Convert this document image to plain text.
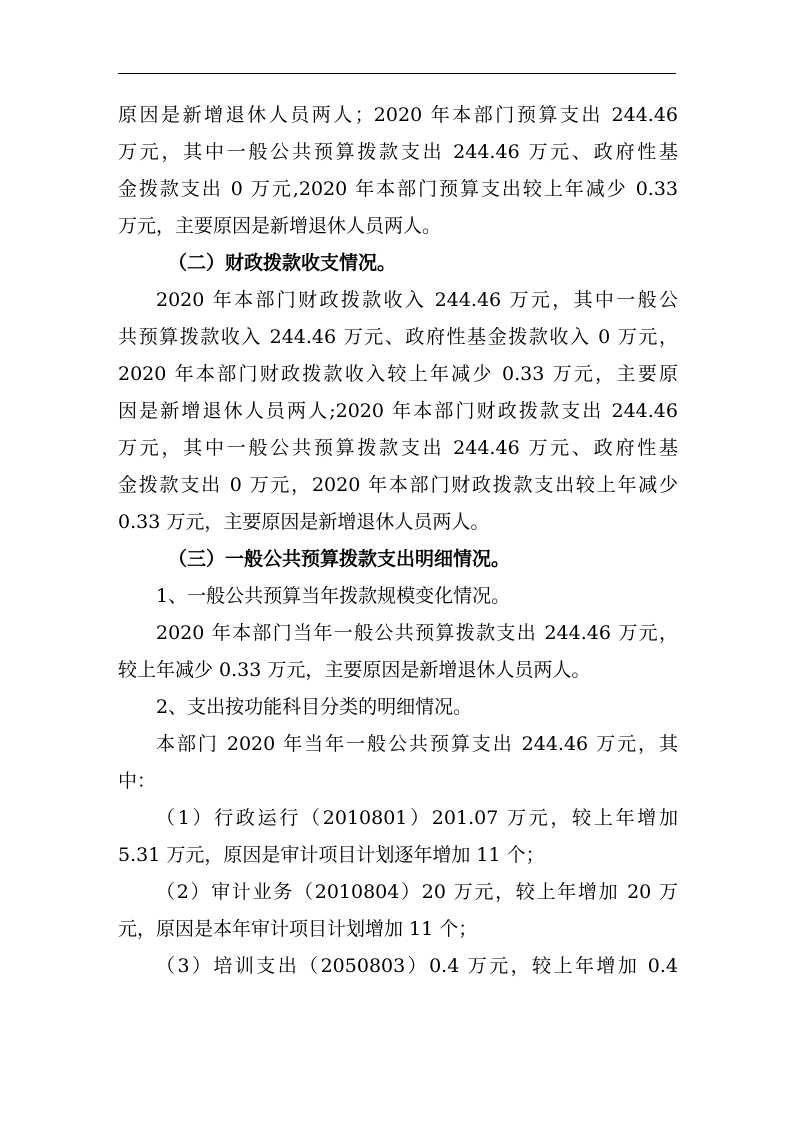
原因是新增退休人员两人；2020 年本部门预算支出 244.46
万元，其中一般公共预算拨款支出 244.46 万元、政府性基
金拨款支出 0 万元,2020 年本部门预算支出较上年减少 0.33
万元，主要原因是新增退休人员两人。
（二）财政拨款收支情况。
2020 年本部门财政拨款收入 244.46 万元，其中一般公
共预算拨款收入 244.46 万元、政府性基金拨款收入 0 万元，
2020 年本部门财政拨款收入较上年减少 0.33 万元，主要原
因是新增退休人员两人;2020 年本部门财政拨款支出 244.46
万元，其中一般公共预算拨款支出 244.46 万元、政府性基
金拨款支出 0 万元，2020 年本部门财政拨款支出较上年减少
0.33 万元，主要原因是新增退休人员两人。
（三）一般公共预算拨款支出明细情况。
1、一般公共预算当年拨款规模变化情况。
2020 年本部门当年一般公共预算拨款支出 244.46 万元，
较上年减少 0.33 万元，主要原因是新增退休人员两人。
2、支出按功能科目分类的明细情况。
本部门 2020 年当年一般公共预算支出 244.46 万元，其
中：
（1）行政运行（2010801）201.07 万元，较上年增加
5.31 万元，原因是审计项目计划逐年增加 11 个；
（2）审计业务（2010804）20 万元，较上年增加 20 万
元，原因是本年审计项目计划增加 11 个；
（3）培训支出（2050803）0.4 万元，较上年增加 0.4
